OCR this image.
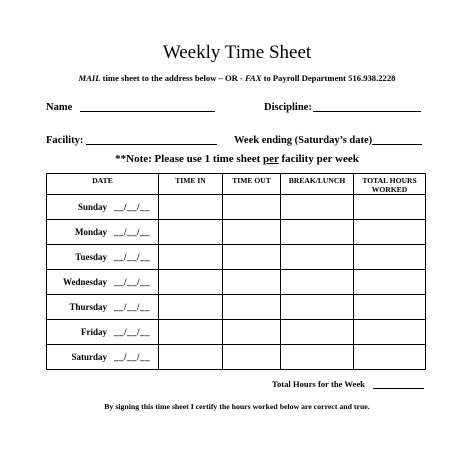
Weekly Time Sheet
MAIL time sheet to the address below – OR - FAX to Payroll Department 516.938.2228
Name	Discipline:
Facility:	Week ending (Saturday’s date)
**Note: Please use 1 time sheet per facility per week
DATE	TIME IN	TIME OUT	BREAK/LUNCH	TOTAL HOURS WORKED
Sunday __/__/__				
Monday __/__/__				
Tuesday __/__/__				
Wednesday __/__/__				
Thursday __/__/__				
Friday __/__/__				
Saturday __/__/__				
Total Hours for the Week
By signing this time sheet I certify the hours worked below are correct and true.
